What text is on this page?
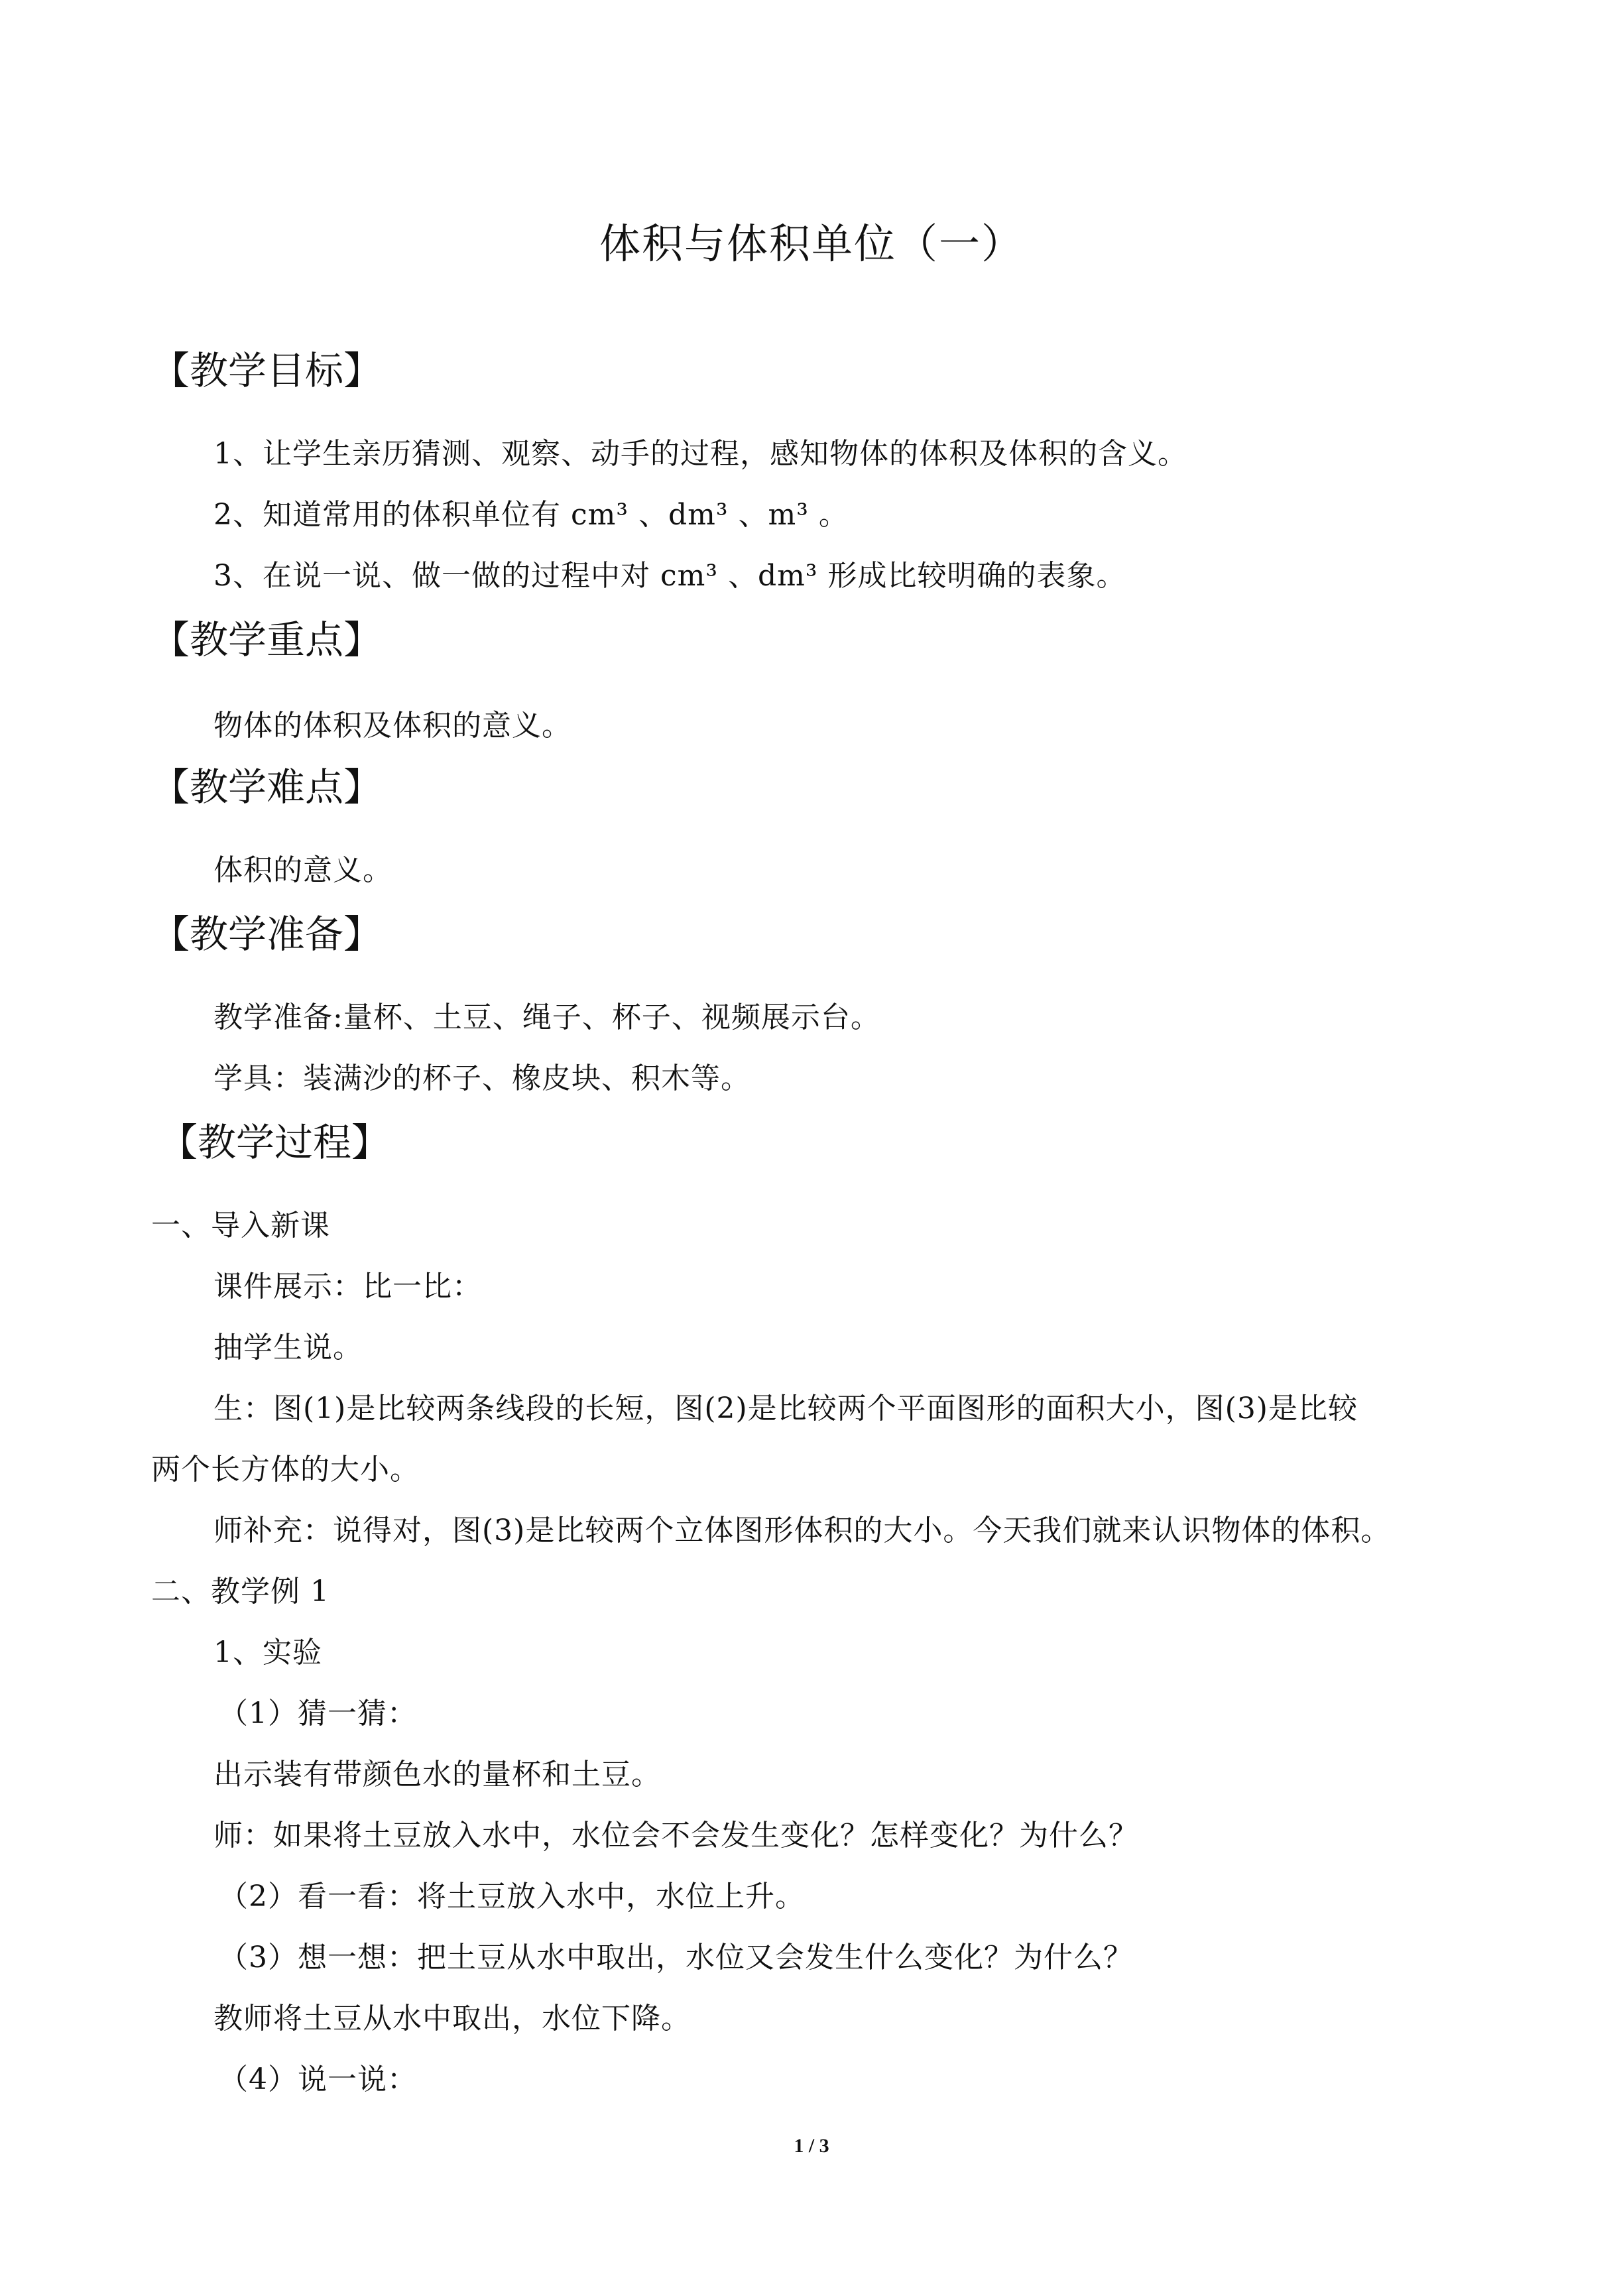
体积与体积单位（一）
【教学目标】
1、让学生亲历猜测、观察、动手的过程，感知物体的体积及体积的含义。
2、知道常用的体积单位有 cm³ 、dm³ 、m³ 。
3、在说一说、做一做的过程中对 cm³ 、dm³ 形成比较明确的表象。
【教学重点】
物体的体积及体积的意义。
【教学难点】
体积的意义。
【教学准备】
教学准备:量杯、土豆、绳子、杯子、视频展示台。
学具：装满沙的杯子、橡皮块、积木等。
【教学过程】
一、导入新课
课件展示：比一比：
抽学生说。
生：图(1)是比较两条线段的长短，图(2)是比较两个平面图形的面积大小，图(3)是比较
两个长方体的大小。
师补充：说得对，图(3)是比较两个立体图形体积的大小。今天我们就来认识物体的体积。
二、教学例 1
1、实验
（1）猜一猜：
出示装有带颜色水的量杯和土豆。
师：如果将土豆放入水中，水位会不会发生变化？怎样变化？为什么？
（2）看一看：将土豆放入水中，水位上升。
（3）想一想：把土豆从水中取出，水位又会发生什么变化？为什么？
教师将土豆从水中取出，水位下降。
（4）说一说：
1 / 3
